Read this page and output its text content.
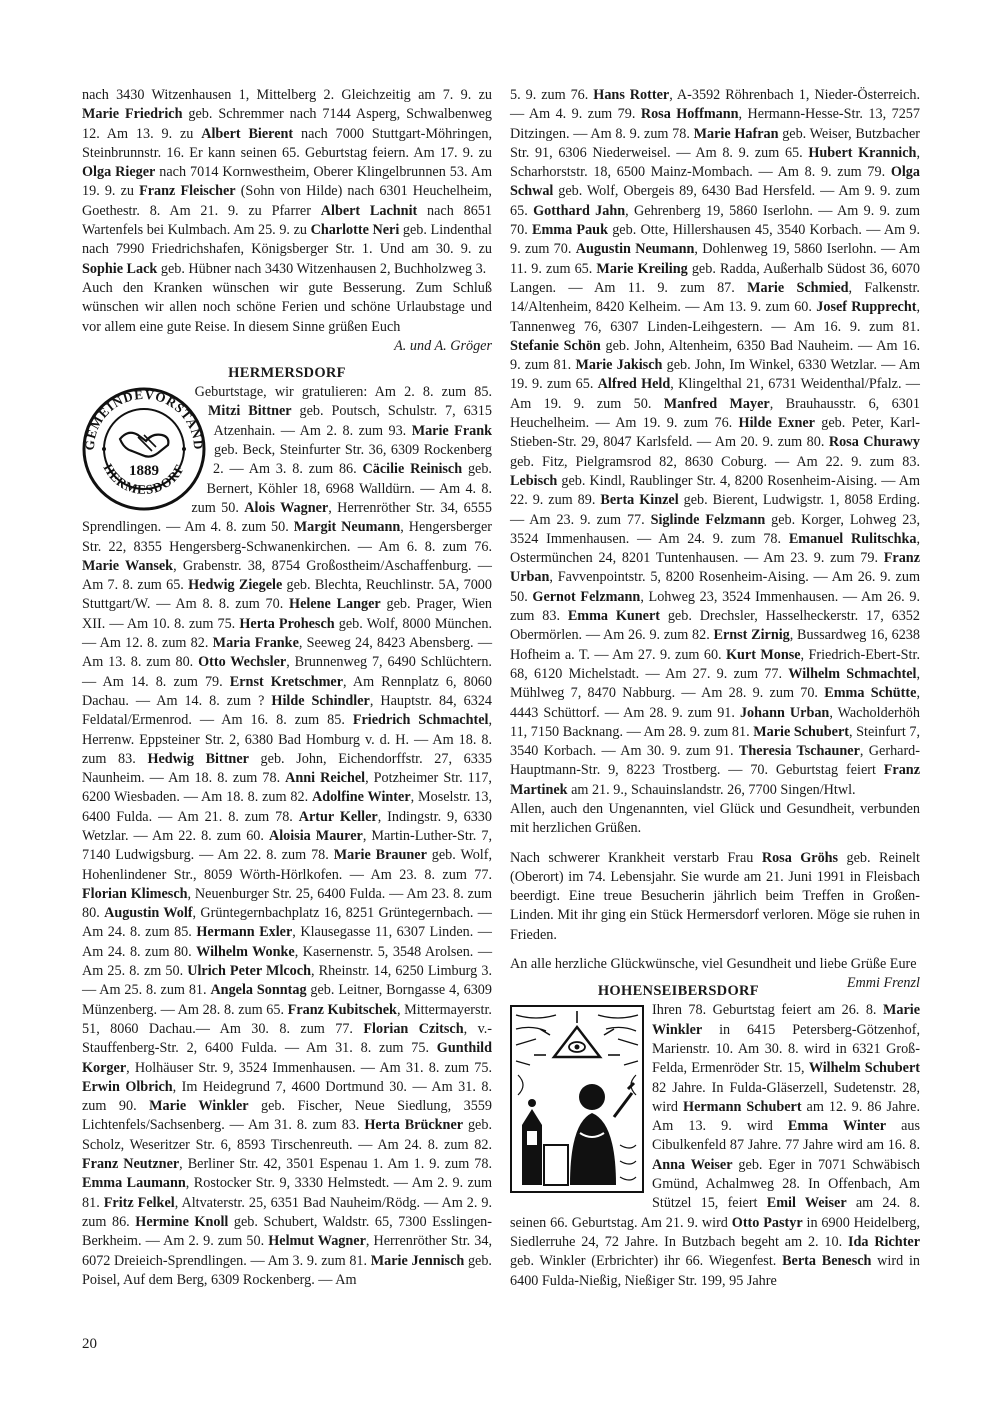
nach 3430 Witzenhausen 1, Mittelberg 2. Gleichzeitig am 7. 9. zu Marie Friedrich geb. Schremmer nach 7144 Asperg, Schwalbenweg 12. Am 13. 9. zu Albert Bierent nach 7000 Stuttgart-Möhringen, Steinbrunnstr. 16. Er kann seinen 65. Geburtstag feiern. Am 17. 9. zu Olga Rieger nach 7014 Kornwestheim, Oberer Klingelbrunnen 53. Am 19. 9. zu Franz Fleischer (Sohn von Hilde) nach 6301 Heuchelheim, Goethestr. 8. Am 21. 9. zu Pfarrer Albert Lachnit nach 8651 Wartenfels bei Kulmbach. Am 25. 9. zu Charlotte Neri geb. Lindenthal nach 7990 Friedrichshafen, Königsberger Str. 1. Und am 30. 9. zu Sophie Lack geb. Hübner nach 3430 Witzenhausen 2, Buchholzweg 3.

Auch den Kranken wünschen wir gute Besserung. Zum Schluß wünschen wir allen noch schöne Ferien und schöne Urlaubstage und vor allem eine gute Reise. In diesem Sinne grüßen Euch

A. und A. Gröger

HERMERSDORF
GEMEINDEVORSTAND
HERMESDORF
1889

Geburtstage, wir gratulieren: Am 2. 8. zum 85. Mitzi Bittner geb. Poutsch, Schulstr. 7, 6315 Atzenhain. — Am 2. 8. zum 93. Marie Frank geb. Beck, Steinfurter Str. 36, 6309 Rockenberg 2. — Am 3. 8. zum 86. Cäcilie Reinisch geb. Bernert, Köhler 18, 6968 Walldürn. — Am 4. 8. zum 50. Alois Wagner, Herrenröther Str. 34, 6555 Sprendlingen. — Am 4. 8. zum 50. Margit Neumann, Hengersberger Str. 22, 8355 Hengersberg-Schwanenkirchen. — Am 6. 8. zum 76. Marie Wansek, Grabenstr. 38, 8754 Großostheim/Aschaffenburg. — Am 7. 8. zum 65. Hedwig Ziegele geb. Blechta, Reuchlinstr. 5A, 7000 Stuttgart/W. — Am 8. 8. zum 70. Helene Langer geb. Prager, Wien XII. — Am 10. 8. zum 75. Herta Prohesch geb. Wolf, 8000 München. — Am 12. 8. zum 82. Maria Franke, Seeweg 24, 8423 Abensberg. — Am 13. 8. zum 80. Otto Wechsler, Brunnenweg 7, 6490 Schlüchtern. — Am 14. 8. zum 79. Ernst Kretschmer, Am Rennplatz 6, 8060 Dachau. — Am 14. 8. zum ? Hilde Schindler, Hauptstr. 84, 6324 Feldatal/Ermenrod. — Am 16. 8. zum 85. Friedrich Schmachtel, Herrenw. Eppsteiner Str. 2, 6380 Bad Homburg v. d. H. — Am 18. 8. zum 83. Hedwig Bittner geb. John, Eichendorffstr. 27, 6335 Naunheim. — Am 18. 8. zum 78. Anni Reichel, Potzheimer Str. 117, 6200 Wiesbaden. — Am 18. 8. zum 82. Adolfine Winter, Moselstr. 13, 6400 Fulda. — Am 21. 8. zum 78. Artur Keller, Indingstr. 9, 6330 Wetzlar. — Am 22. 8. zum 60. Aloisia Maurer, Martin-Luther-Str. 7, 7140 Ludwigsburg. — Am 22. 8. zum 78. Marie Brauner geb. Wolf, Hohenlindener Str., 8059 Wörth-Hörlkofen. — Am 23. 8. zum 77. Florian Klimesch, Neuenburger Str. 25, 6400 Fulda. — Am 23. 8. zum 80. Augustin Wolf, Grüntegernbachplatz 16, 8251 Grüntegernbach. — Am 24. 8. zum 85. Hermann Exler, Klausegasse 11, 6307 Linden. — Am 24. 8. zum 80. Wilhelm Wonke, Kasernenstr. 5, 3548 Arolsen. — Am 25. 8. zm 50. Ulrich Peter Mlcoch, Rheinstr. 14, 6250 Limburg 3. — Am 25. 8. zum 81. Angela Sonntag geb. Leitner, Borngasse 4, 6309 Münzenberg. — Am 28. 8. zum 65. Franz Kubitschek, Mittermayerstr. 51, 8060 Dachau.— Am 30. 8. zum 77. Florian Czitsch, v.-Stauffenberg-Str. 2, 6400 Fulda. — Am 31. 8. zum 75. Gunthild Korger, Holhäuser Str. 9, 3524 Immenhausen. — Am 31. 8. zum 75. Erwin Olbrich, Im Heidegrund 7, 4600 Dortmund 30. — Am 31. 8. zum 90. Marie Winkler geb. Fischer, Neue Siedlung, 3559 Lichtenfels/Sachsenberg. — Am 31. 8. zum 83. Herta Brückner geb. Scholz, Weseritzer Str. 6, 8593 Tirschenreuth. — Am 24. 8. zum 82. Franz Neutzner, Berliner Str. 42, 3501 Espenau 1. Am 1. 9. zum 78. Emma Laumann, Rostocker Str. 9, 3330 Helmstedt. — Am 2. 9. zum 81. Fritz Felkel, Altvaterstr. 25, 6351 Bad Nauheim/Rödg. — Am 2. 9. zum 86. Hermine Knoll geb. Schubert, Waldstr. 65, 7300 Esslingen-Berkheim. — Am 2. 9. zum 50. Helmut Wagner, Herrenröther Str. 34, 6072 Dreieich-Sprendlingen. — Am 3. 9. zum 81. Marie Jennisch geb. Poisel, Auf dem Berg, 6309 Rockenberg. — Am

5. 9. zum 76. Hans Rotter, A-3592 Röhrenbach 1, Nieder-Österreich. — Am 4. 9. zum 79. Rosa Hoffmann, Hermann-Hesse-Str. 13, 7257 Ditzingen. — Am 8. 9. zum 78. Marie Hafran geb. Weiser, Butzbacher Str. 91, 6306 Niederweisel. — Am 8. 9. zum 65. Hubert Krannich, Scharhorststr. 18, 6500 Mainz-Mombach. — Am 8. 9. zum 79. Olga Schwal geb. Wolf, Obergeis 89, 6430 Bad Hersfeld. — Am 9. 9. zum 65. Gotthard Jahn, Gehrenberg 19, 5860 Iserlohn. — Am 9. 9. zum 70. Emma Pauk geb. Otte, Hillershausen 45, 3540 Korbach. — Am 9. 9. zum 70. Augustin Neumann, Dohlenweg 19, 5860 Iserlohn. — Am 11. 9. zum 65. Marie Kreiling geb. Radda, Außerhalb Südost 36, 6070 Langen. — Am 11. 9. zum 87. Marie Schmied, Falkenstr. 14/Altenheim, 8420 Kelheim. — Am 13. 9. zum 60. Josef Rupprecht, Tannenweg 76, 6307 Linden-Leihgestern. — Am 16. 9. zum 81. Stefanie Schön geb. John, Altenheim, 6350 Bad Nauheim. — Am 16. 9. zum 81. Marie Jakisch geb. John, Im Winkel, 6330 Wetzlar. — Am 19. 9. zum 65. Alfred Held, Klingelthal 21, 6731 Weidenthal/Pfalz. — Am 19. 9. zum 50. Manfred Mayer, Brauhausstr. 6, 6301 Heuchelheim. — Am 19. 9. zum 76. Hilde Exner geb. Peter, Karl-Stieben-Str. 29, 8047 Karlsfeld. — Am 20. 9. zum 80. Rosa Churawy geb. Fitz, Pielgramsrod 82, 8630 Coburg. — Am 22. 9. zum 83. Lebisch geb. Kindl, Raublinger Str. 4, 8200 Rosenheim-Aising. — Am 22. 9. zum 89. Berta Kinzel geb. Bierent, Ludwigstr. 1, 8058 Erding. — Am 23. 9. zum 77. Siglinde Felzmann geb. Korger, Lohweg 23, 3524 Immenhausen. — Am 24. 9. zum 78. Emanuel Rulitschka, Ostermünchen 24, 8201 Tuntenhausen. — Am 23. 9. zum 79. Franz Urban, Favvenpointstr. 5, 8200 Rosenheim-Aising. — Am 26. 9. zum 50. Gernot Felzmann, Lohweg 23, 3524 Immenhausen. — Am 26. 9. zum 83. Emma Kunert geb. Drechsler, Hasselheckerstr. 17, 6352 Obermörlen. — Am 26. 9. zum 82. Ernst Zirnig, Bussardweg 16, 6238 Hofheim a. T. — Am 27. 9. zum 60. Kurt Monse, Friedrich-Ebert-Str. 68, 6120 Michelstadt. — Am 27. 9. zum 77. Wilhelm Schmachtel, Mühlweg 7, 8470 Nabburg. — Am 28. 9. zum 70. Emma Schütte, 4443 Schüttorf. — Am 28. 9. zum 91. Johann Urban, Wacholderhöh 11, 7150 Backnang. — Am 28. 9. zum 81. Marie Schubert, Steinfurt 7, 3540 Korbach. — Am 30. 9. zum 91. Theresia Tschauner, Gerhard-Hauptmann-Str. 9, 8223 Trostberg. — 70. Geburtstag feiert Franz Martinek am 21. 9., Schauinslandstr. 26, 7700 Singen/Htwl.

Allen, auch den Ungenannten, viel Glück und Gesundheit, verbunden mit herzlichen Grüßen.

Nach schwerer Krankheit verstarb Frau Rosa Gröhs geb. Reinelt (Oberort) im 74. Lebensjahr. Sie wurde am 21. Juni 1991 in Fleisbach beerdigt. Eine treue Besucherin jährlich beim Treffen in Großen-Linden. Mit ihr ging ein Stück Hermersdorf verloren. Möge sie ruhen in Frieden.

An alle herzliche Glückwünsche, viel Gesundheit und liebe Grüße Eure

Emmi Frenzl

HOHENSEIBERSDORF

Ihren 78. Geburtstag feiert am 26. 8. Marie Winkler in 6415 Petersberg-Götzenhof, Marienstr. 10. Am 30. 8. wird in 6321 Groß-Felda, Ermenröder Str. 15, Wilhelm Schubert 82 Jahre. In Fulda-Gläserzell, Sudetenstr. 28, wird Hermann Schubert am 12. 9. 86 Jahre. Am 13. 9. wird Emma Winter aus Cibulkenfeld 87 Jahre. 77 Jahre wird am 16. 8. Anna Weiser geb. Eger in 7071 Schwäbisch Gmünd, Achalmweg 28. In Offenbach, Am Stützel 15, feiert Emil Weiser am 24. 8. seinen 66. Geburtstag. Am 21. 9. wird Otto Pastyr in 6900 Heidelberg, Siedlerruhe 24, 72 Jahre. In Butzbach begeht am 2. 10. Ida Richter geb. Winkler (Erbrichter) ihr 66. Wiegenfest. Berta Benesch wird in 6400 Fulda-Nießig, Nießiger Str. 199, 95 Jahre

20
